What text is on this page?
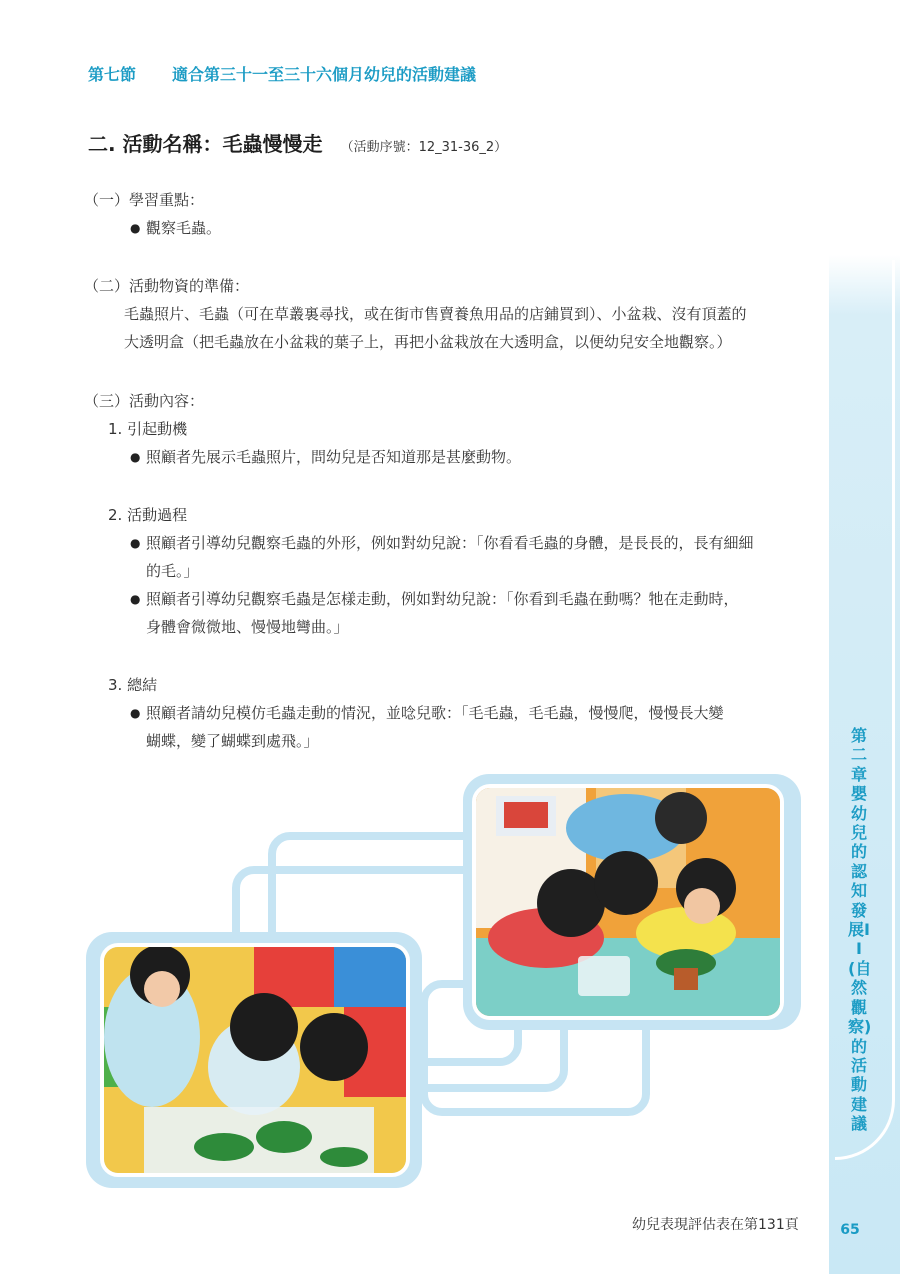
第七節 適合第三十一至三十六個月幼兒的活動建議
二. 活動名稱：毛蟲慢慢走 （活動序號：12_31-36_2）
（一）學習重點：
● 觀察毛蟲。
（二）活動物資的準備：
毛蟲照片、毛蟲（可在草叢裏尋找，或在街市售賣養魚用品的店鋪買到）、小盆栽、沒有頂蓋的
大透明盒（把毛蟲放在小盆栽的葉子上，再把小盆栽放在大透明盒，以便幼兒安全地觀察。）
（三）活動內容：
1. 引起動機
● 照顧者先展示毛蟲照片，問幼兒是否知道那是甚麼動物。
2. 活動過程
● 照顧者引導幼兒觀察毛蟲的外形，例如對幼兒說：「你看看毛蟲的身體，是長長的，長有細細
的毛。」
● 照顧者引導幼兒觀察毛蟲是怎樣走動，例如對幼兒說：「你看到毛蟲在動嗎？牠在走動時，
身體會微微地、慢慢地彎曲。」
3. 總結
● 照顧者請幼兒模仿毛蟲走動的情況，並唸兒歌：「毛毛蟲，毛毛蟲，慢慢爬，慢慢長大變
蝴蝶，變了蝴蝶到處飛。」	第二章 嬰幼兒的認知發展II(自然觀察)的活動建議
65
幼兒表現評估表在第131頁
